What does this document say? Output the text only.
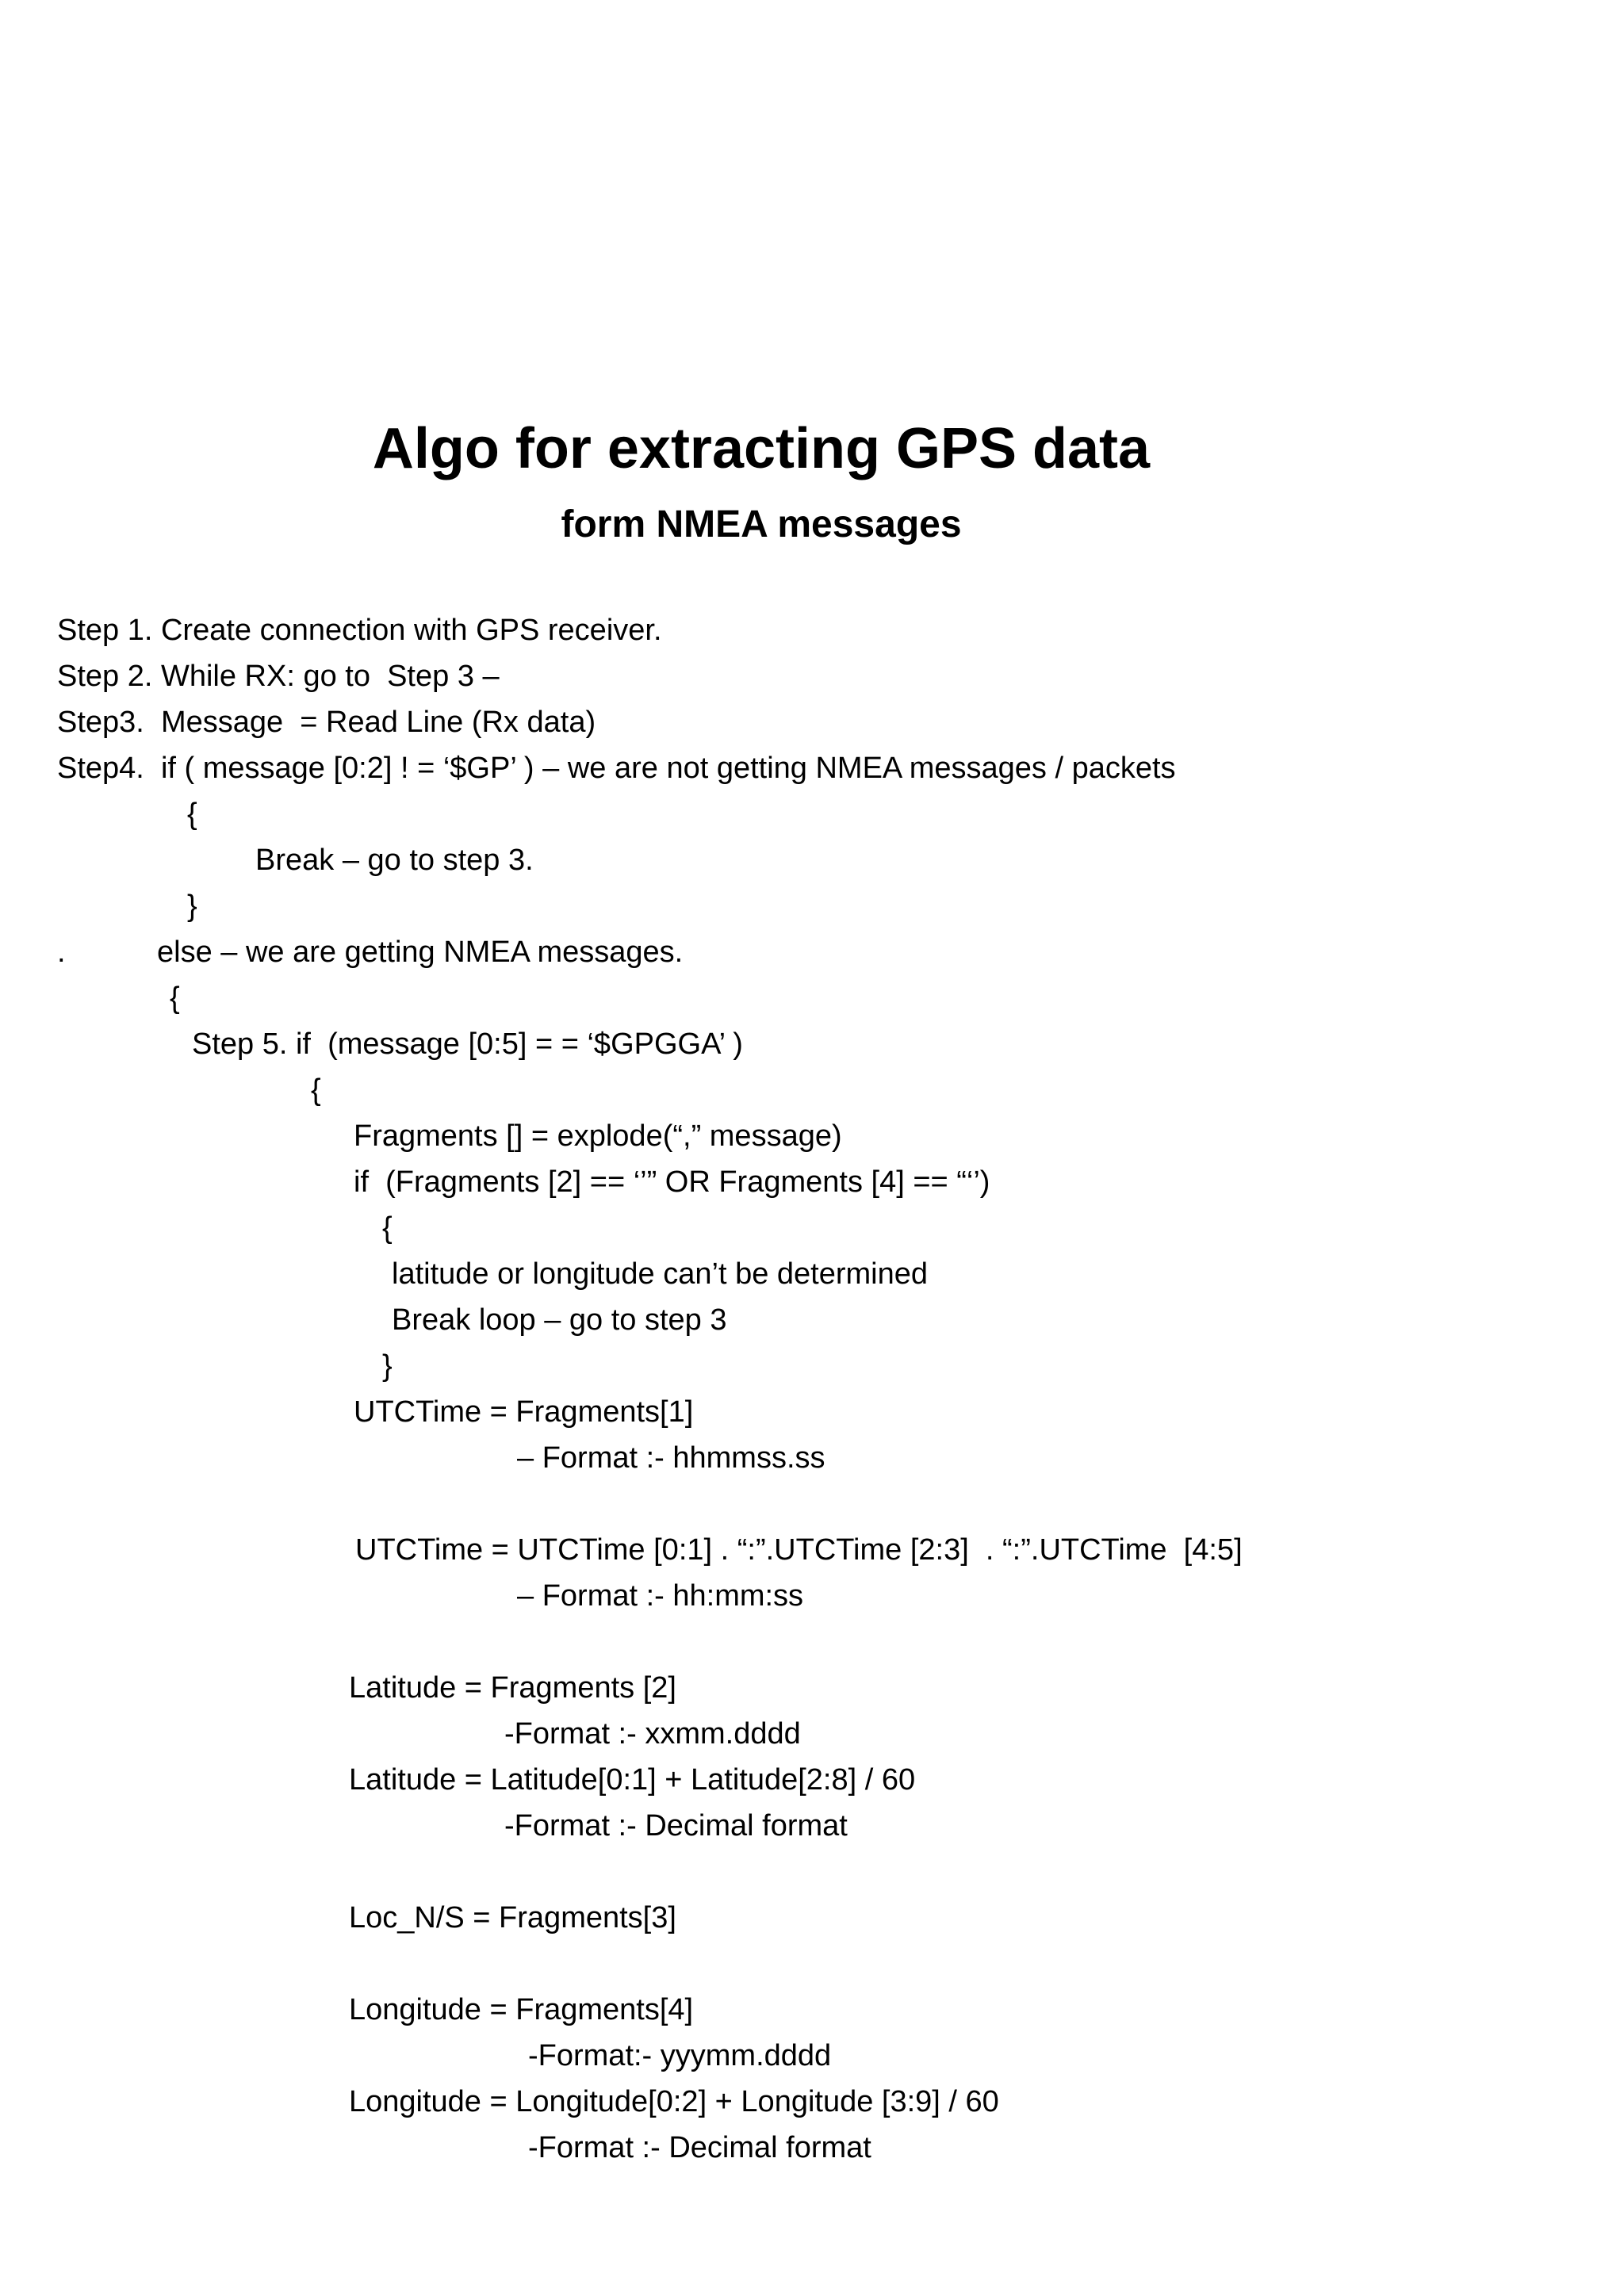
Algo for extracting GPS data
form NMEA messages
Step 1. Create connection with GPS receiver.
Step 2. While RX: go to  Step 3 –
Step3.  Message  = Read Line (Rx data)
Step4.  if ( message [0:2] ! = ‘$GP’ ) – we are not getting NMEA messages / packets
{
Break – go to step 3.
}
.	else – we are getting NMEA messages.
{
Step 5. if  (message [0:5] = = ‘$GPGGA’ )
{
Fragments [] = explode(“,” message)
if  (Fragments [2] == ‘’” OR Fragments [4] == “‘’)
{
latitude or longitude can’t be determined
Break loop – go to step 3
}
UTCTime = Fragments[1]
– Format :- hhmmss.ss
UTCTime = UTCTime [0:1] . “:”.UTCTime [2:3]  . “:”.UTCTime  [4:5]
– Format :- hh:mm:ss
Latitude = Fragments [2]
-Format :- xxmm.dddd
Latitude = Latitude[0:1] + Latitude[2:8] / 60
-Format :- Decimal format
Loc_N/S = Fragments[3]
Longitude = Fragments[4]
-Format:- yyymm.dddd
Longitude = Longitude[0:2] + Longitude [3:9] / 60
-Format :- Decimal format
